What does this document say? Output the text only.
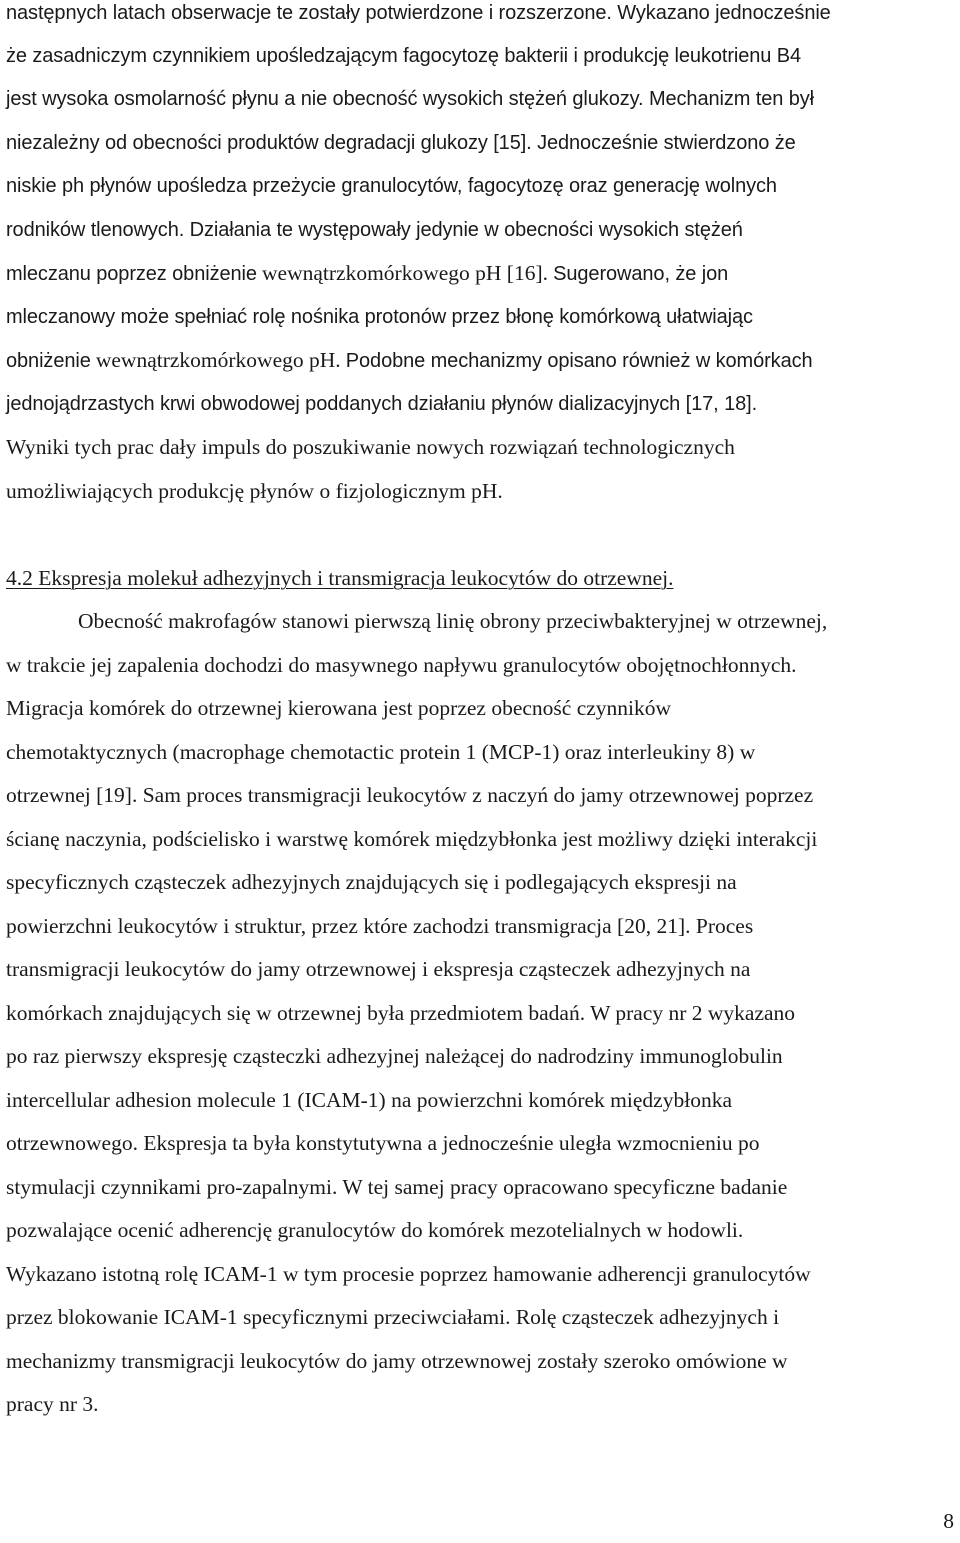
następnych latach obserwacje te zostały potwierdzone i rozszerzone. Wykazano jednocześnie
że zasadniczym czynnikiem upośledzającym fagocytozę bakterii i produkcję leukotrienu B4
jest wysoka osmolarność płynu a nie obecność wysokich stężeń glukozy. Mechanizm ten był
niezależny od obecności produktów degradacji glukozy [15]. Jednocześnie stwierdzono że
niskie ph płynów upośledza przeżycie granulocytów, fagocytozę oraz generację wolnych
rodników tlenowych. Działania te występowały jedynie w obecności wysokich stężeń
mleczanu poprzez obniżenie wewnątrzkomórkowego pH [16]. Sugerowano, że jon
mleczanowy może spełniać rolę nośnika protonów przez błonę komórkową ułatwiając
obniżenie wewnątrzkomórkowego pH. Podobne mechanizmy opisano również w komórkach
jednojądrzastych krwi obwodowej poddanych działaniu płynów dializacyjnych [17, 18].
Wyniki tych prac dały impuls do poszukiwanie nowych rozwiązań technologicznych
umożliwiających produkcję płynów o fizjologicznym pH.
4.2 Ekspresja molekuł adhezyjnych i transmigracja leukocytów do otrzewnej.
Obecność makrofagów stanowi pierwszą linię obrony przeciwbakteryjnej w otrzewnej,
w trakcie jej zapalenia dochodzi do masywnego napływu granulocytów obojętnochłonnych.
Migracja komórek do otrzewnej kierowana jest poprzez obecność czynników
chemotaktycznych (macrophage chemotactic protein 1 (MCP-1) oraz interleukiny 8) w
otrzewnej [19]. Sam proces transmigracji leukocytów z naczyń do jamy otrzewnowej poprzez
ścianę naczynia, podścielisko i warstwę komórek międzybłonka jest możliwy dzięki interakcji
specyficznych cząsteczek adhezyjnych znajdujących się i podlegających ekspresji na
powierzchni leukocytów i struktur, przez które zachodzi transmigracja [20, 21]. Proces
transmigracji leukocytów do jamy otrzewnowej i ekspresja cząsteczek adhezyjnych na
komórkach znajdujących się w otrzewnej była przedmiotem badań. W pracy nr 2 wykazano
po raz pierwszy ekspresję cząsteczki adhezyjnej należącej do nadrodziny immunoglobulin
intercellular adhesion molecule 1 (ICAM-1) na powierzchni komórek międzybłonka
otrzewnowego. Ekspresja ta była konstytutywna a jednocześnie uległa wzmocnieniu po
stymulacji czynnikami pro-zapalnymi. W tej samej pracy opracowano specyficzne badanie
pozwalające ocenić adherencję granulocytów do komórek mezotelialnych w hodowli.
Wykazano istotną rolę ICAM-1 w tym procesie poprzez hamowanie adherencji granulocytów
przez blokowanie ICAM-1 specyficznymi przeciwciałami. Rolę cząsteczek adhezyjnych i
mechanizmy transmigracji leukocytów do jamy otrzewnowej zostały szeroko omówione w
pracy nr 3.
8
